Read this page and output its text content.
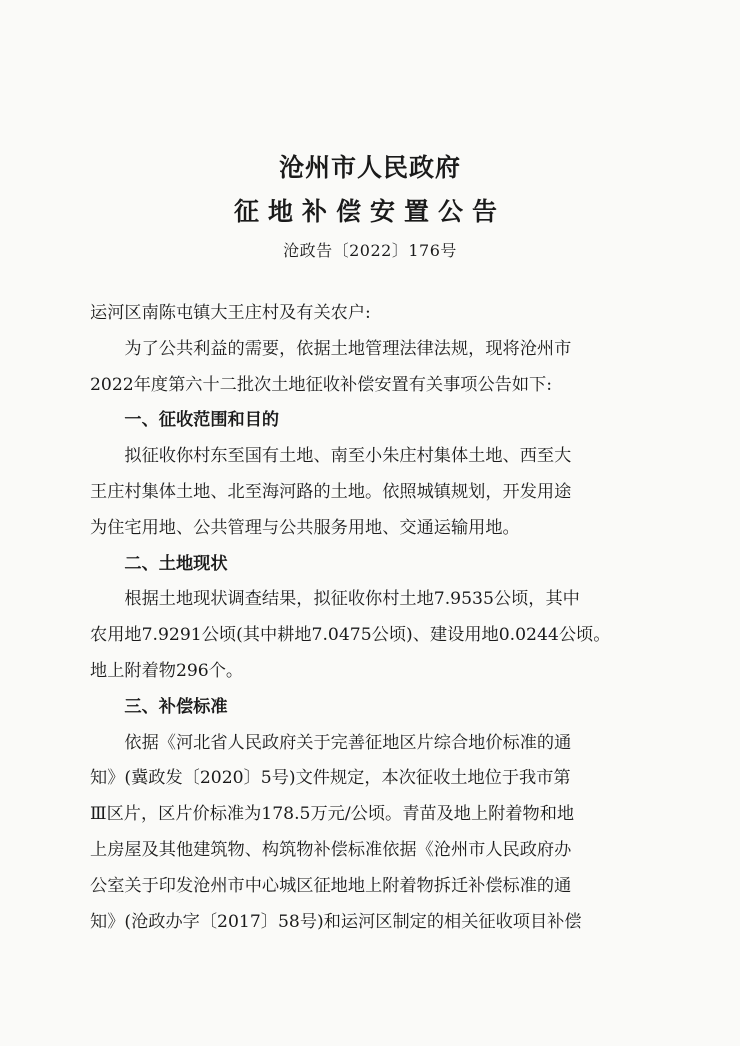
沧州市人民政府
征地补偿安置公告
沧政告〔2022〕176号

运河区南陈屯镇大王庄村及有关农户:

为了公共利益的需要，依据土地管理法律法规，现将沧州市

2022年度第六十二批次土地征收补偿安置有关事项公告如下:

一、征收范围和目的

拟征收你村东至国有土地、南至小朱庄村集体土地、西至大

王庄村集体土地、北至海河路的土地。依照城镇规划，开发用途

为住宅用地、公共管理与公共服务用地、交通运输用地。

二、土地现状

根据土地现状调查结果，拟征收你村土地7.9535公顷，其中

农用地7.9291公顷(其中耕地7.0475公顷)、建设用地0.0244公顷。

地上附着物296个。

三、补偿标准

依据《河北省人民政府关于完善征地区片综合地价标准的通

知》(冀政发〔2020〕5号)文件规定，本次征收土地位于我市第

Ⅲ区片，区片价标准为178.5万元/公顷。青苗及地上附着物和地

上房屋及其他建筑物、构筑物补偿标准依据《沧州市人民政府办

公室关于印发沧州市中心城区征地地上附着物拆迁补偿标准的通

知》(沧政办字〔2017〕58号)和运河区制定的相关征收项目补偿
